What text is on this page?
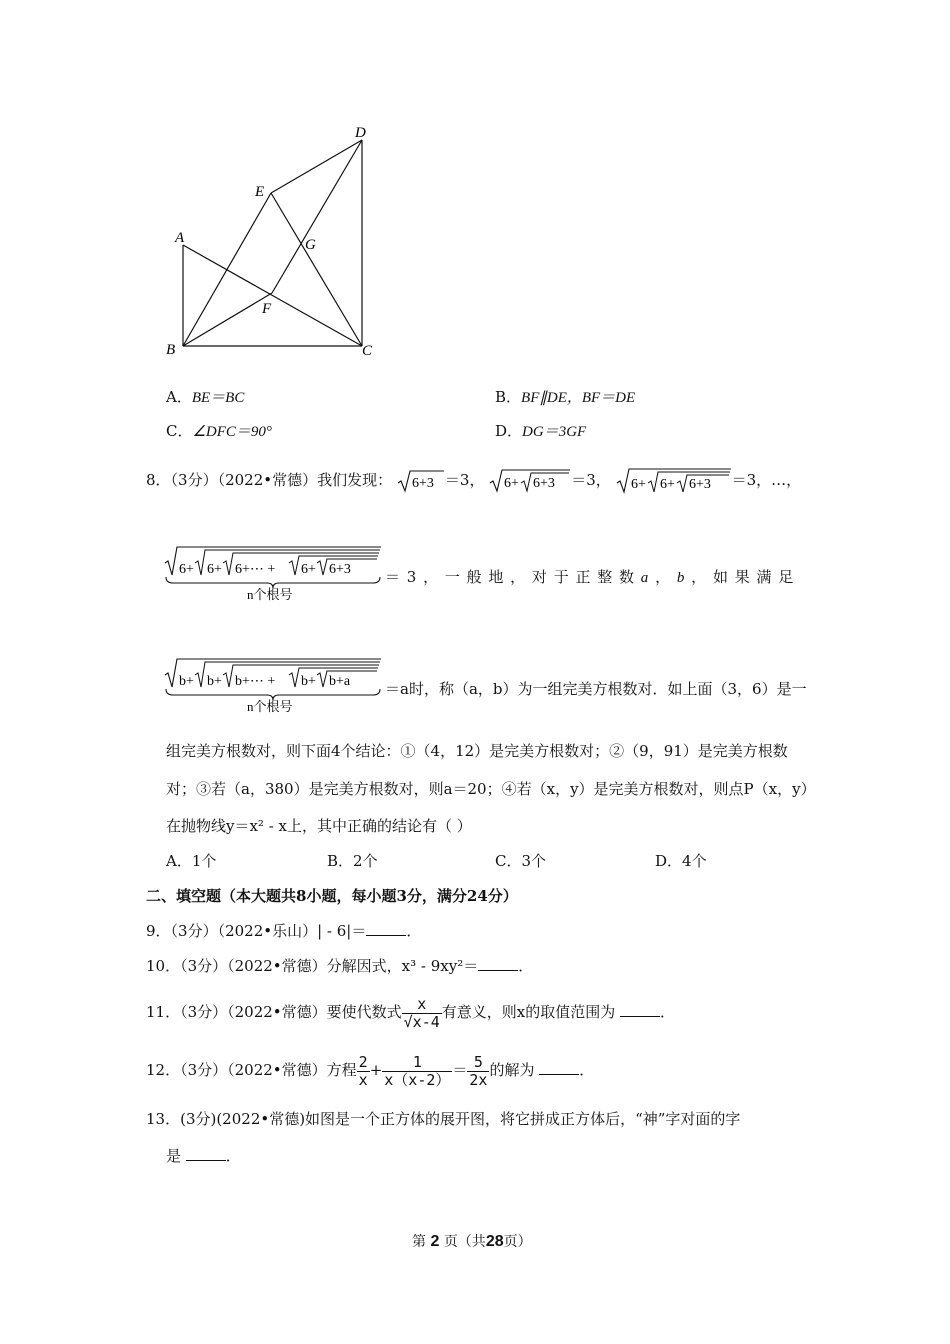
A
B	C
D
E
F
G
A．BE＝BC	B．BF∥DE，BF＝DE
C．∠DFC＝90°	D．DG＝3GF
8．（3分）（2022•常德）我们发现： 6+3 ＝3， 6+ 6+3 ＝3， 6+ 6+ 6+3 ＝3，…，
6+ 6+ 6+⋯ + 6+ 6+3
n个根号
＝ 3 ， 一 般 地 ， 对 于 正 整 数 a ， b ， 如 果 满 足
b+ b+ b+⋯ + b+ b+a
n个根号
＝a时，称（a，b）为一组完美方根数对．如上面（3，6）是一
组完美方根数对，则下面4个结论：①（4，12）是完美方根数对；②（9，91）是完美方根数
对；③若（a，380）是完美方根数对，则a＝20；④若（x，y）是完美方根数对，则点P（x，y）
在抛物线y＝x² - x上，其中正确的结论有（ ）
A．1个	B．2个	C．3个	D．4个
二、填空题（本大题共8小题，每小题3分，满分24分）
9．（3分）（2022•乐山）| - 6|＝	．
10．（3分）（2022•常德）分解因式，x³ - 9xy²＝	．
11．（3分）（2022•常德）要使代数式 $\frac{x}{√x-4}$ 有意义，则x的取值范围为	．
12．（3分）（2022•常德）方程 $\frac{2}{x} + \frac{1}{x(x-2)} = \frac{5}{2x}$ 的解为	．
13．(3分)(2022•常德)如图是一个正方体的展开图，将它拼成正方体后，“神”字对面的字
是	．
第 2 页（共28页）
